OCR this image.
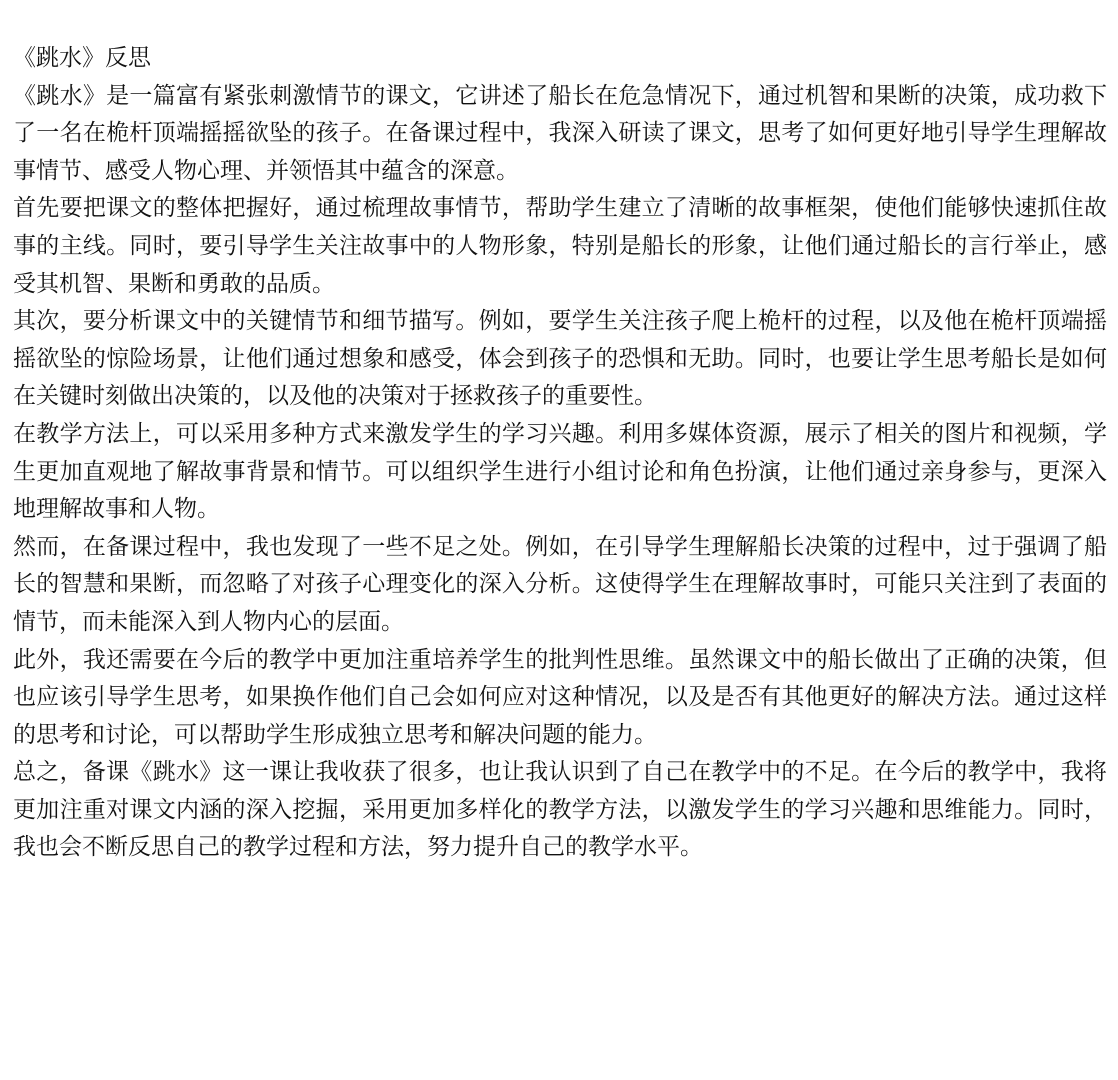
《跳水》反思

《跳水》是一篇富有紧张刺激情节的课文，它讲述了船长在危急情况下，通过机智和果断的决策，成功救下了一名在桅杆顶端摇摇欲坠的孩子。在备课过程中，我深入研读了课文，思考了如何更好地引导学生理解故事情节、感受人物心理、并领悟其中蕴含的深意。

首先要把课文的整体把握好，通过梳理故事情节，帮助学生建立了清晰的故事框架，使他们能够快速抓住故事的主线。同时，要引导学生关注故事中的人物形象，特别是船长的形象，让他们通过船长的言行举止，感受其机智、果断和勇敢的品质。

其次，要分析课文中的关键情节和细节描写。例如，要学生关注孩子爬上桅杆的过程，以及他在桅杆顶端摇摇欲坠的惊险场景，让他们通过想象和感受，体会到孩子的恐惧和无助。同时，也要让学生思考船长是如何在关键时刻做出决策的，以及他的决策对于拯救孩子的重要性。

在教学方法上，可以采用多种方式来激发学生的学习兴趣。利用多媒体资源，展示了相关的图片和视频，学生更加直观地了解故事背景和情节。可以组织学生进行小组讨论和角色扮演，让他们通过亲身参与，更深入地理解故事和人物。

然而，在备课过程中，我也发现了一些不足之处。例如，在引导学生理解船长决策的过程中，过于强调了船长的智慧和果断，而忽略了对孩子心理变化的深入分析。这使得学生在理解故事时，可能只关注到了表面的情节，而未能深入到人物内心的层面。

此外，我还需要在今后的教学中更加注重培养学生的批判性思维。虽然课文中的船长做出了正确的决策，但也应该引导学生思考，如果换作他们自己会如何应对这种情况，以及是否有其他更好的解决方法。通过这样的思考和讨论，可以帮助学生形成独立思考和解决问题的能力。

总之，备课《跳水》这一课让我收获了很多，也让我认识到了自己在教学中的不足。在今后的教学中，我将更加注重对课文内涵的深入挖掘，采用更加多样化的教学方法，以激发学生的学习兴趣和思维能力。同时，我也会不断反思自己的教学过程和方法，努力提升自己的教学水平。
